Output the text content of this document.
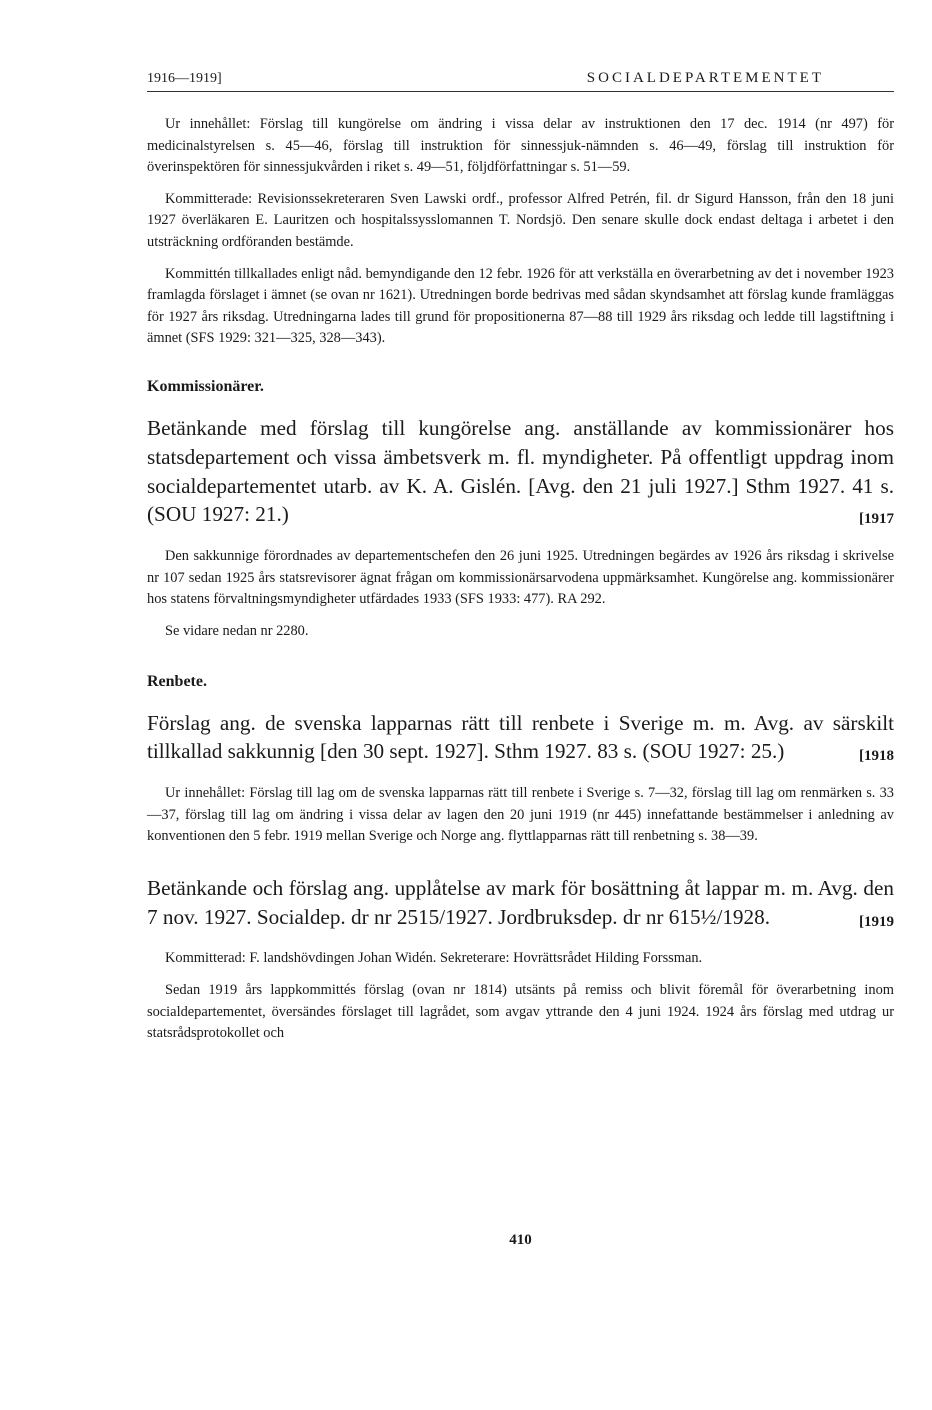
1916—1919]	SOCIALDEPARTEMENTET

Ur innehållet: Förslag till kungörelse om ändring i vissa delar av instruktionen den 17 dec. 1914 (nr 497) för medicinalstyrelsen s. 45—46, förslag till instruktion för sinnessjuk-nämnden s. 46—49, förslag till instruktion för överinspektören för sinnessjukvården i riket s. 49—51, följdförfattningar s. 51—59.

Kommitterade: Revisionssekreteraren Sven Lawski ordf., professor Alfred Petrén, fil. dr Sigurd Hansson, från den 18 juni 1927 överläkaren E. Lauritzen och hospitalssysslomannen T. Nordsjö. Den senare skulle dock endast deltaga i arbetet i den utsträckning ordföranden bestämde.

Kommittén tillkallades enligt nåd. bemyndigande den 12 febr. 1926 för att verkställa en överarbetning av det i november 1923 framlagda förslaget i ämnet (se ovan nr 1621). Utredningen borde bedrivas med sådan skyndsamhet att förslag kunde framläggas för 1927 års riksdag. Utredningarna lades till grund för propositionerna 87—88 till 1929 års riksdag och ledde till lagstiftning i ämnet (SFS 1929: 321—325, 328—343).

Kommissionärer.

Betänkande med förslag till kungörelse ang. anställande av kommissionärer hos statsdepartement och vissa ämbetsverk m. fl. myndigheter. På offentligt uppdrag inom socialdepartementet utarb. av K. A. Gislén. [Avg. den 21 juli 1927.] Sthm 1927. 41 s. (SOU 1927: 21.)	[1917

Den sakkunnige förordnades av departementschefen den 26 juni 1925. Utredningen begärdes av 1926 års riksdag i skrivelse nr 107 sedan 1925 års statsrevisorer ägnat frågan om kommissionärsarvodena uppmärksamhet. Kungörelse ang. kommissionärer hos statens förvaltningsmyndigheter utfärdades 1933 (SFS 1933: 477). RA 292.

Se vidare nedan nr 2280.

Renbete.

Förslag ang. de svenska lapparnas rätt till renbete i Sverige m. m. Avg. av särskilt tillkallad sakkunnig [den 30 sept. 1927]. Sthm 1927. 83 s. (SOU 1927: 25.)	[1918

Ur innehållet: Förslag till lag om de svenska lapparnas rätt till renbete i Sverige s. 7—32, förslag till lag om renmärken s. 33—37, förslag till lag om ändring i vissa delar av lagen den 20 juni 1919 (nr 445) innefattande bestämmelser i anledning av konventionen den 5 febr. 1919 mellan Sverige och Norge ang. flyttlapparnas rätt till renbetning s. 38—39.

Betänkande och förslag ang. upplåtelse av mark för bosättning åt lappar m. m. Avg. den 7 nov. 1927. Socialdep. dr nr 2515/1927. Jordbruksdep. dr nr 615½/1928.	[1919

Kommitterad: F. landshövdingen Johan Widén. Sekreterare: Hovrättsrådet Hilding Forssman.

Sedan 1919 års lappkommittés förslag (ovan nr 1814) utsänts på remiss och blivit föremål för överarbetning inom socialdepartementet, översändes förslaget till lagrådet, som avgav yttrande den 4 juni 1924. 1924 års förslag med utdrag ur statsrådsprotokollet och

410
